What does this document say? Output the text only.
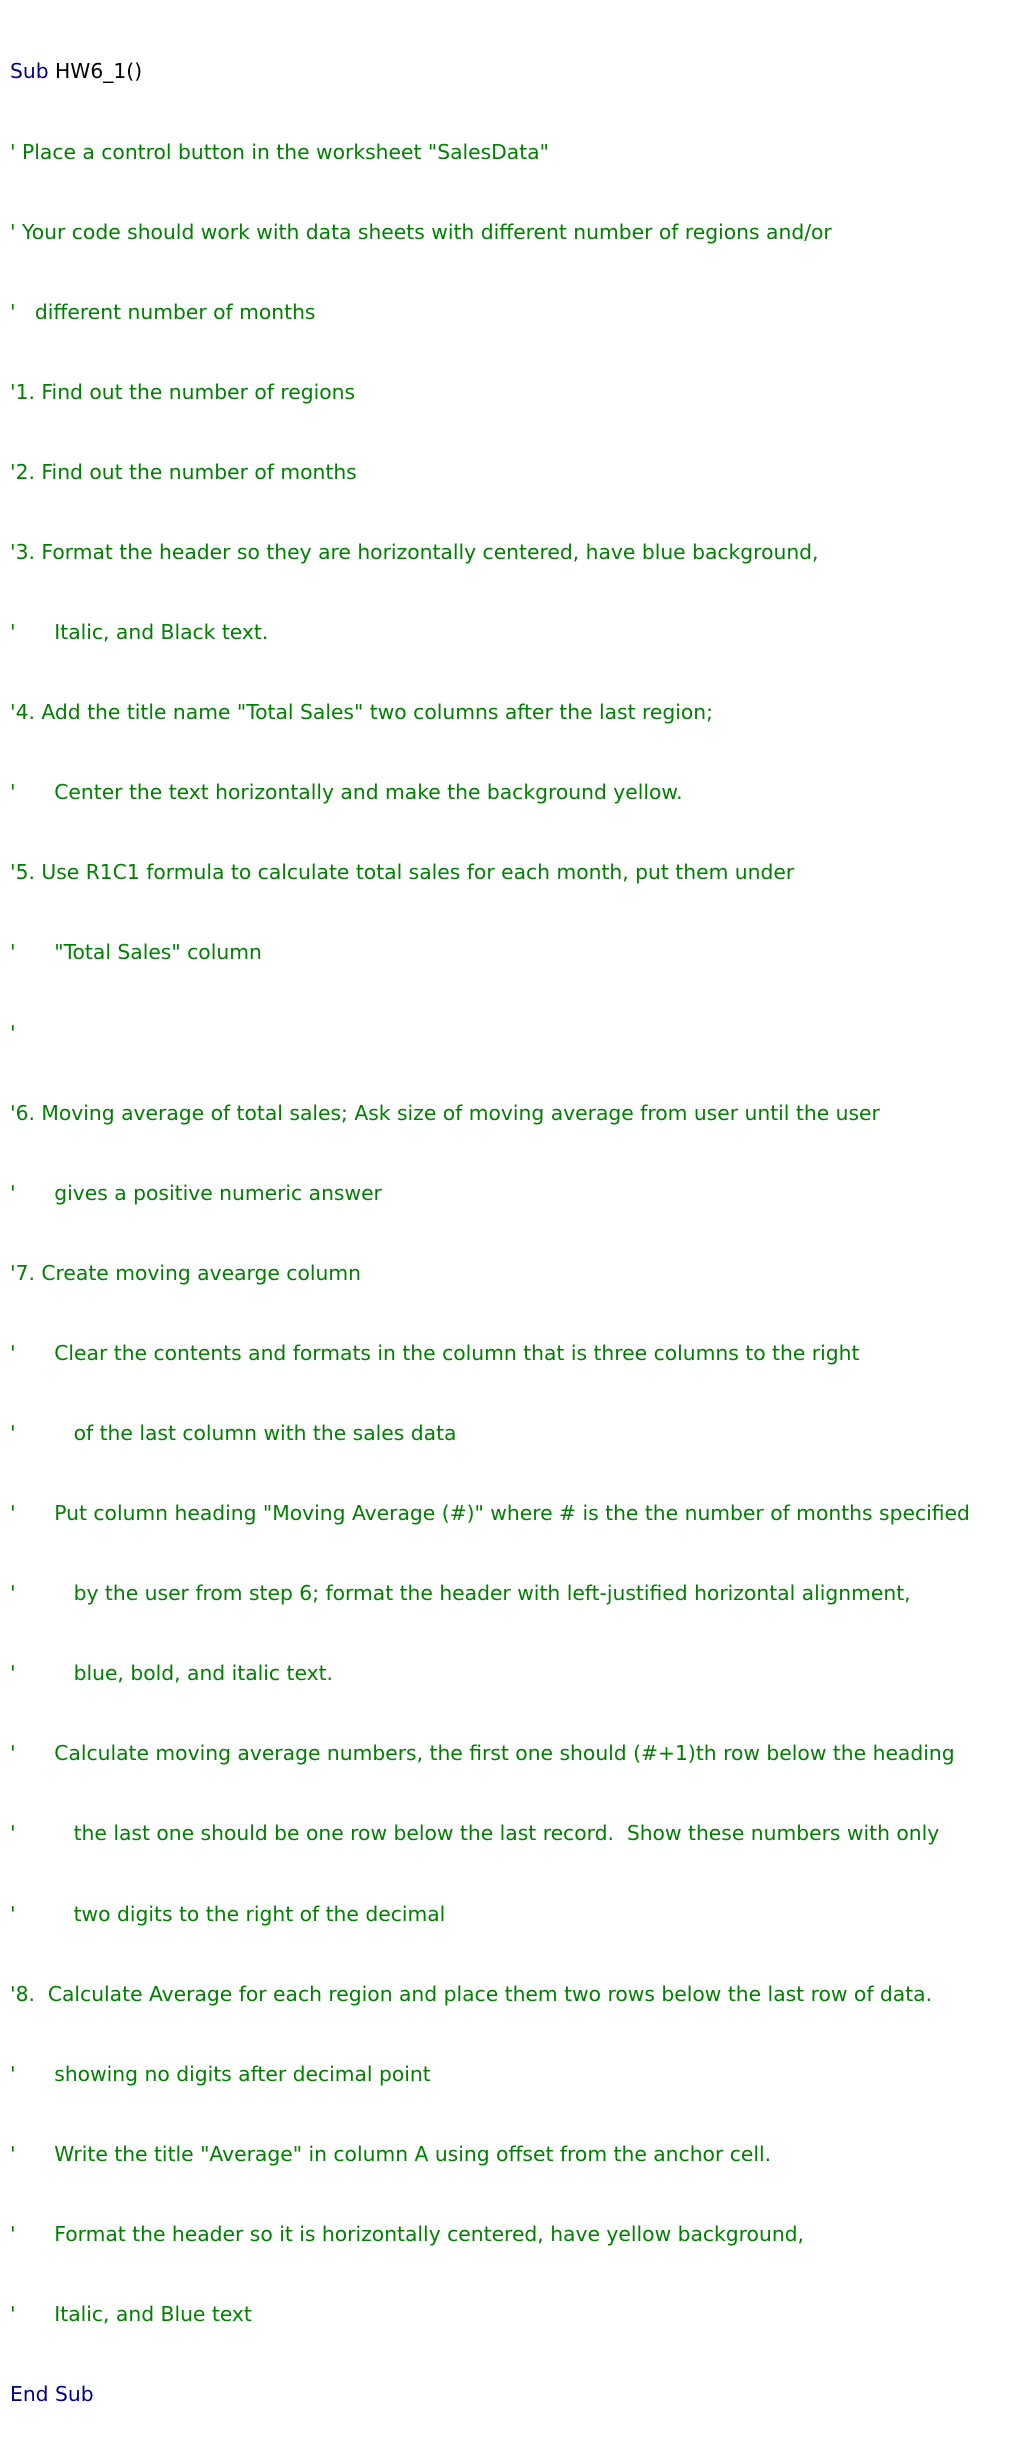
Sub HW6_1()

' Place a control button in the worksheet "SalesData"

' Your code should work with data sheets with different number of regions and/or

'   different number of months

'1. Find out the number of regions

'2. Find out the number of months

'3. Format the header so they are horizontally centered, have blue background,

'      Italic, and Black text.

'4. Add the title name "Total Sales" two columns after the last region;

'      Center the text horizontally and make the background yellow.

'5. Use R1C1 formula to calculate total sales for each month, put them under

'      "Total Sales" column

'

'6. Moving average of total sales; Ask size of moving average from user until the user

'      gives a positive numeric answer

'7. Create moving avearge column

'      Clear the contents and formats in the column that is three columns to the right

'         of the last column with the sales data

'      Put column heading "Moving Average (#)" where # is the the number of months specified

'         by the user from step 6; format the header with left-justified horizontal alignment,

'         blue, bold, and italic text.

'      Calculate moving average numbers, the first one should (#+1)th row below the heading

'         the last one should be one row below the last record.  Show these numbers with only

'         two digits to the right of the decimal

'8.  Calculate Average for each region and place them two rows below the last row of data.

'      showing no digits after decimal point

'      Write the title "Average" in column A using offset from the anchor cell.

'      Format the header so it is horizontally centered, have yellow background,

'      Italic, and Blue text

End Sub
